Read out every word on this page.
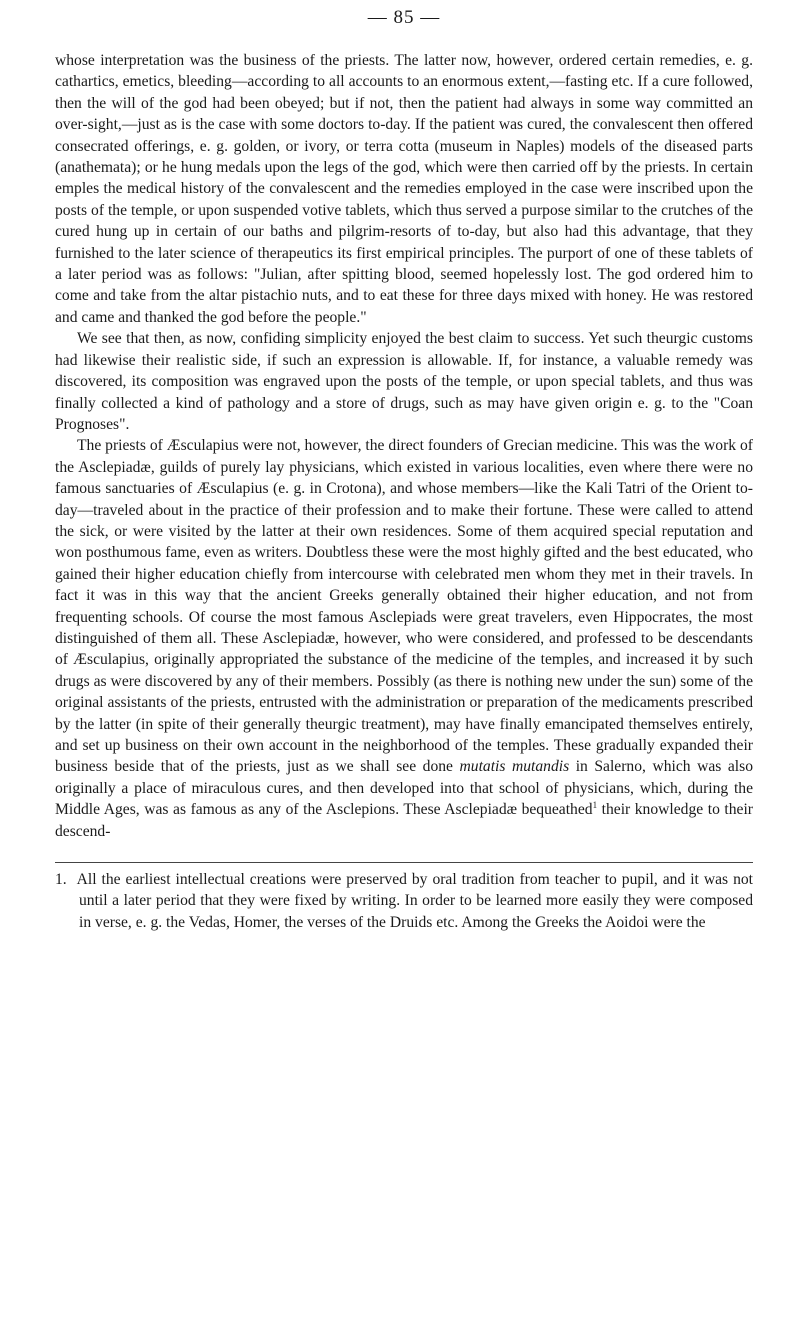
— 85 —

whose interpretation was the business of the priests. The latter now, however, ordered certain remedies, e. g. cathartics, emetics, bleeding—according to all accounts to an enormous extent,—fasting etc. If a cure followed, then the will of the god had been obeyed; but if not, then the patient had always in some way committed an over-sight,—just as is the case with some doctors to-day. If the patient was cured, the convalescent then offered consecrated offerings, e. g. golden, or ivory, or terra cotta (museum in Naples) models of the diseased parts (anathemata); or he hung medals upon the legs of the god, which were then carried off by the priests. In certain emples the medical history of the convalescent and the remedies employed in the case were inscribed upon the posts of the temple, or upon suspended votive tablets, which thus served a purpose similar to the crutches of the cured hung up in certain of our baths and pilgrim-resorts of to-day, but also had this advantage, that they furnished to the later science of therapeutics its first empirical principles. The purport of one of these tablets of a later period was as follows: "Julian, after spitting blood, seemed hopelessly lost. The god ordered him to come and take from the altar pistachio nuts, and to eat these for three days mixed with honey. He was restored and came and thanked the god before the people."

We see that then, as now, confiding simplicity enjoyed the best claim to success. Yet such theurgic customs had likewise their realistic side, if such an expression is allowable. If, for instance, a valuable remedy was discovered, its composition was engraved upon the posts of the temple, or upon special tablets, and thus was finally collected a kind of pathology and a store of drugs, such as may have given origin e. g. to the "Coan Prognoses".

The priests of Æsculapius were not, however, the direct founders of Grecian medicine. This was the work of the Asclepiadæ, guilds of purely lay physicians, which existed in various localities, even where there were no famous sanctuaries of Æsculapius (e. g. in Crotona), and whose members—like the Kali Tatri of the Orient to-day—traveled about in the practice of their profession and to make their fortune. These were called to attend the sick, or were visited by the latter at their own residences. Some of them acquired special reputation and won posthumous fame, even as writers. Doubtless these were the most highly gifted and the best educated, who gained their higher education chiefly from intercourse with celebrated men whom they met in their travels. In fact it was in this way that the ancient Greeks generally obtained their higher education, and not from frequenting schools. Of course the most famous Asclepiads were great travelers, even Hippocrates, the most distinguished of them all. These Asclepiadæ, however, who were considered, and professed to be descendants of Æsculapius, originally appropriated the substance of the medicine of the temples, and increased it by such drugs as were discovered by any of their members. Possibly (as there is nothing new under the sun) some of the original assistants of the priests, entrusted with the administration or preparation of the medicaments prescribed by the latter (in spite of their generally theurgic treatment), may have finally emancipated themselves entirely, and set up business on their own account in the neighborhood of the temples. These gradually expanded their business beside that of the priests, just as we shall see done mutatis mutandis in Salerno, which was also originally a place of miraculous cures, and then developed into that school of physicians, which, during the Middle Ages, was as famous as any of the Asclepions. These Asclepiadæ bequeathed$^1$ their knowledge to their descend-

1. All the earliest intellectual creations were preserved by oral tradition from teacher to pupil, and it was not until a later period that they were fixed by writing. In order to be learned more easily they were composed in verse, e. g. the Vedas, Homer, the verses of the Druids etc. Among the Greeks the Aoidoi were the
